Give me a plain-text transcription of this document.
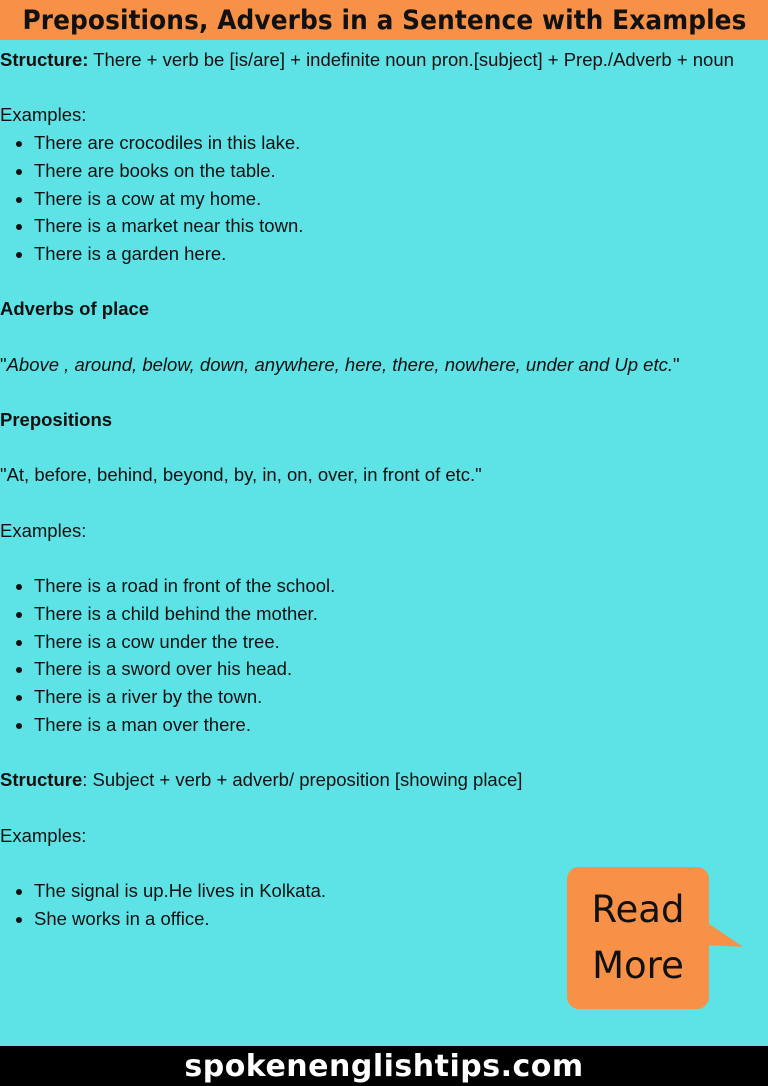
Prepositions, Adverbs in a Sentence with Examples

Structure: There + verb be [is/are] + indefinite noun pron.[subject] + Prep./Adverb + noun

Examples:

• There are crocodiles in this lake.
• There are books on the table.
• There is a cow at my home.
• There is a market near this town.
• There is a garden here.

Adverbs of place

"Above , around, below, down, anywhere, here, there, nowhere, under and Up etc."

Prepositions

"At, before, behind, beyond, by, in, on, over, in front of etc."

Examples:

• There is a road in front of the school.
• There is a child behind the mother.
• There is a cow under the tree.
• There is a sword over his head.
• There is a river by the town.
• There is a man over there.

Structure: Subject + verb + adverb/ preposition [showing place]

Examples:

• The signal is up.He lives in Kolkata.
• She works in a office.	Read
More
spokenenglishtips.com
